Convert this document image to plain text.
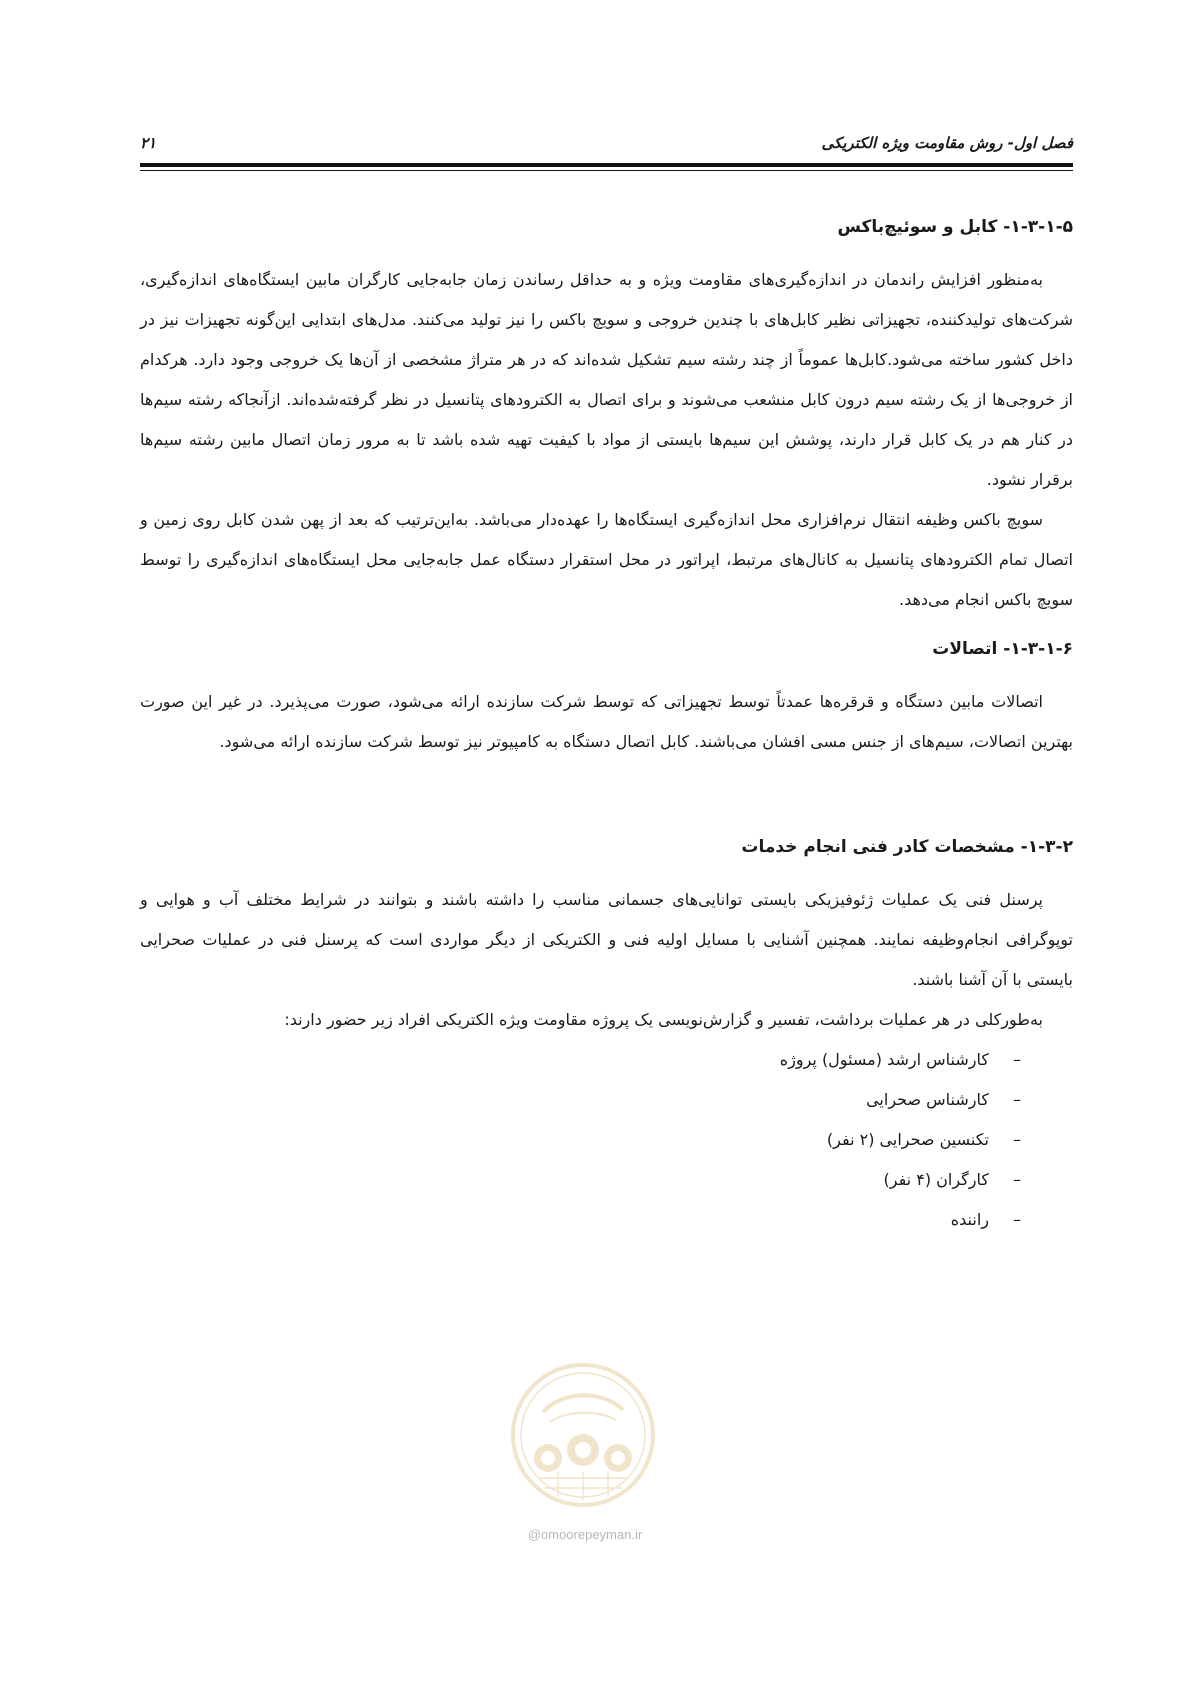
فصل اول- روش مقاومت ویژه الکتریکی
۲۱
۱-۳-۱-۵- کابل و سوئیچ‌باکس

به‌منظور افزایش راندمان در اندازه‌گیری‌های مقاومت ویژه و به حداقل رساندن زمان جابه‌جایی کارگران مابین ایستگاه‌های اندازه‌گیری، شرکت‌های تولیدکننده، تجهیزاتی نظیر کابل‌های با چندین خروجی و سویچ باکس را نیز تولید می‌کنند. مدل‌های ابتدایی این‌گونه تجهیزات نیز در داخل کشور ساخته می‌شود.کابل‌ها عموماً از چند رشته سیم تشکیل شده‌اند که در هر متراژ مشخصی از آن‌ها یک خروجی وجود دارد. هرکدام از خروجی‌ها از یک رشته سیم درون کابل منشعب می‌شوند و برای اتصال به الکترودهای پتانسیل در نظر گرفته‌شده‌اند. ازآنجاکه رشته سیم‌ها در کنار هم در یک کابل قرار دارند، پوشش این سیم‌ها بایستی از مواد با کیفیت تهیه شده باشد تا به مرور زمان اتصال مابین رشته سیم‌ها برقرار نشود.

سویچ باکس وظیفه انتقال نرم‌افزاری محل اندازه‌گیری ایستگاه‌ها را عهده‌دار می‌باشد. به‌این‌ترتیب که بعد از پهن شدن کابل روی زمین و اتصال تمام الکترودهای پتانسیل به کانال‌های مرتبط، اپراتور در محل استقرار دستگاه عمل جابه‌جایی محل ایستگاه‌های اندازه‌گیری را توسط سویچ باکس انجام می‌دهد.

۱-۳-۱-۶- اتصالات

اتصالات مابین دستگاه و قرقره‌ها عمدتاً توسط تجهیزاتی که توسط شرکت سازنده ارائه می‌شود، صورت می‌پذیرد. در غیر این صورت بهترین اتصالات، سیم‌های از جنس مسی افشان می‌باشند. کابل اتصال دستگاه به کامپیوتر نیز توسط شرکت سازنده ارائه می‌شود.

۱-۳-۲- مشخصات کادر فنی انجام خدمات

پرسنل فنی یک عملیات ژئوفیزیکی بایستی توانایی‌های جسمانی مناسب را داشته باشند و بتوانند در شرایط مختلف آب و هوایی و توپوگرافی انجام‌وظیفه نمایند. همچنین آشنایی با مسایل اولیه فنی و الکتریکی از دیگر مواردی است که پرسنل فنی در عملیات صحرایی بایستی با آن آشنا باشند.

به‌طورکلی در هر عملیات برداشت، تفسیر و گزارش‌نویسی یک پروژه مقاومت ویژه الکتریکی افراد زیر حضور دارند:

–
کارشناس ارشد (مسئول) پروژه
–
کارشناس صحرایی
–
تکنسین صحرایی (۲ نفر)
–
کارگران (۴ نفر)
–
راننده
@omoorepeyman.ir
